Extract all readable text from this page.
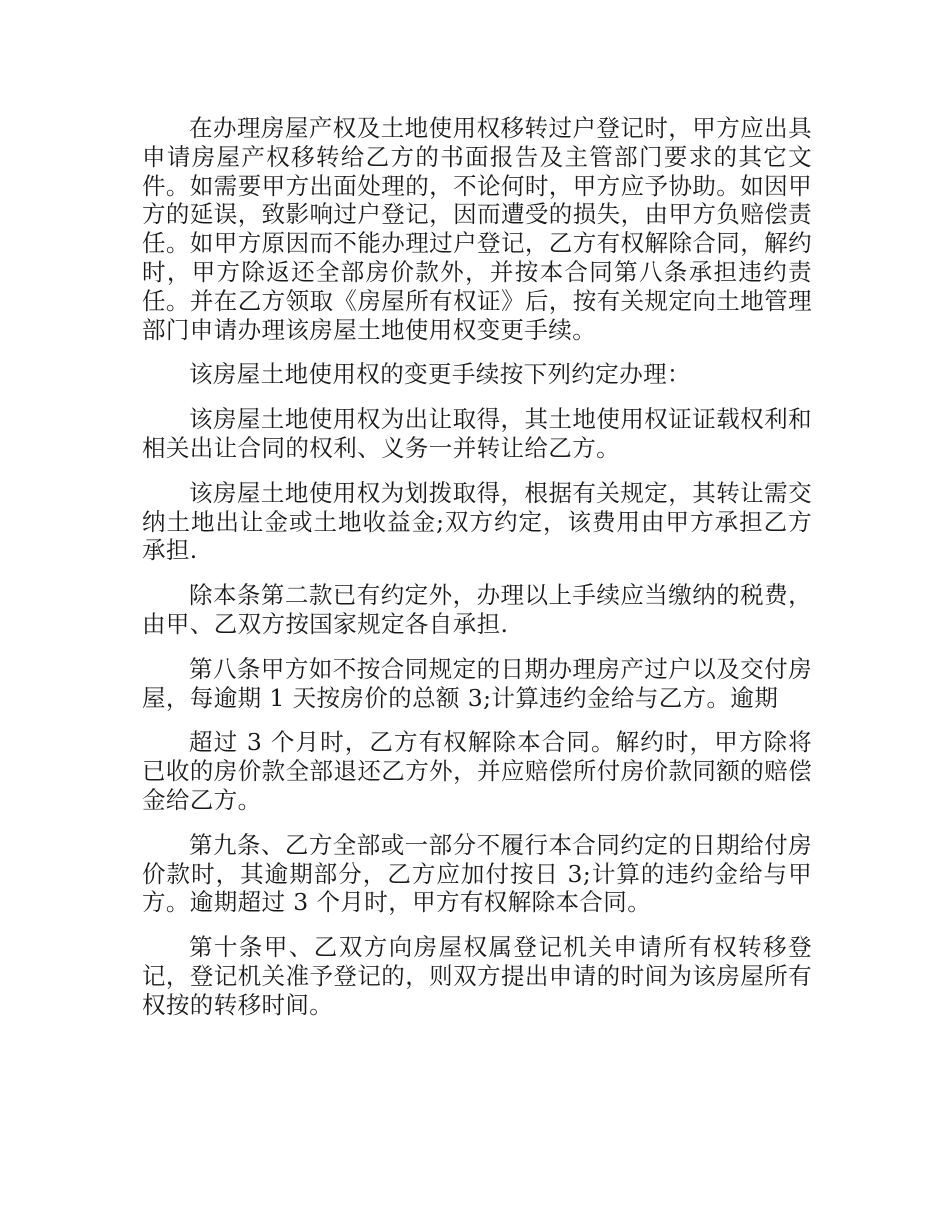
在办理房屋产权及土地使用权移转过户登记时，甲方应出具申请房屋产权移转给乙方的书面报告及主管部门要求的其它文件。如需要甲方出面处理的，不论何时，甲方应予协助。如因甲方的延误，致影响过户登记，因而遭受的损失，由甲方负赔偿责任。如甲方原因而不能办理过户登记，乙方有权解除合同，解约时，甲方除返还全部房价款外，并按本合同第八条承担违约责任。并在乙方领取《房屋所有权证》后，按有关规定向土地管理部门申请办理该房屋土地使用权变更手续。

该房屋土地使用权的变更手续按下列约定办理：

该房屋土地使用权为出让取得，其土地使用权证证载权利和相关出让合同的权利、义务一并转让给乙方。

该房屋土地使用权为划拨取得，根据有关规定，其转让需交纳土地出让金或土地收益金;双方约定，该费用由甲方承担乙方承担.

除本条第二款已有约定外，办理以上手续应当缴纳的税费，由甲、乙双方按国家规定各自承担.

第八条甲方如不按合同规定的日期办理房产过户以及交付房屋，每逾期 1 天按房价的总额 3;计算违约金给与乙方。逾期

超过 3 个月时，乙方有权解除本合同。解约时，甲方除将已收的房价款全部退还乙方外，并应赔偿所付房价款同额的赔偿金给乙方。

第九条、乙方全部或一部分不履行本合同约定的日期给付房价款时，其逾期部分，乙方应加付按日 3;计算的违约金给与甲方。逾期超过 3 个月时，甲方有权解除本合同。

第十条甲、乙双方向房屋权属登记机关申请所有权转移登记，登记机关准予登记的，则双方提出申请的时间为该房屋所有权按的转移时间。
